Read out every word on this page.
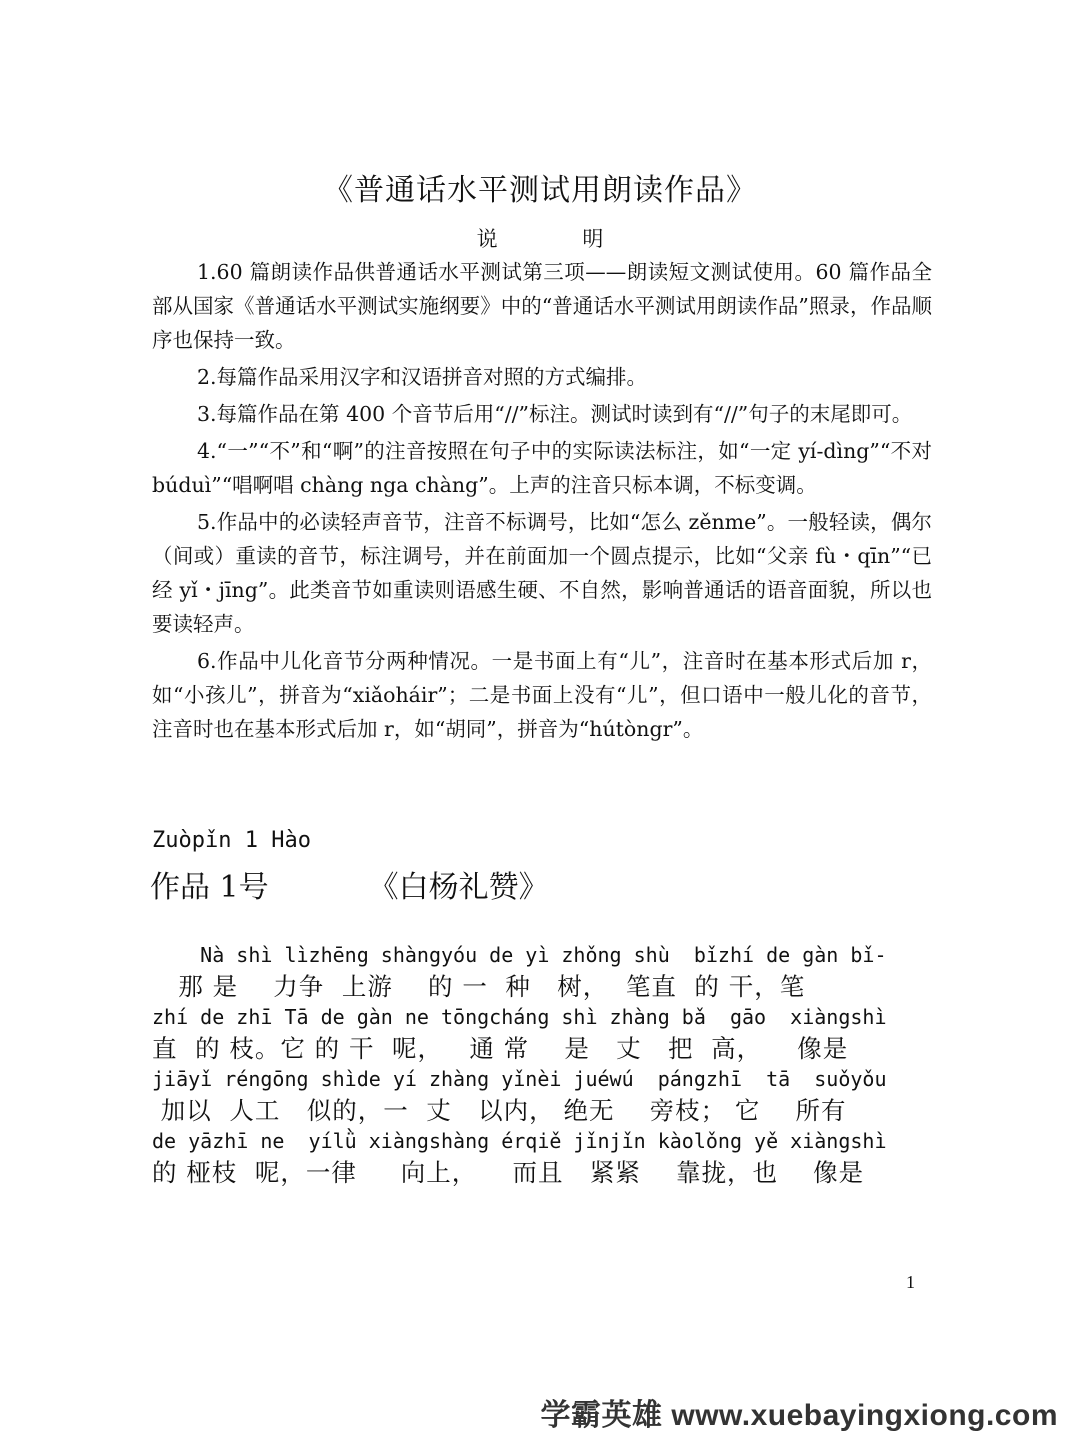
《普通话水平测试用朗读作品》
说 明

1.60 篇朗读作品供普通话水平测试第三项——朗读短文测试使用。60 篇作品全部从国家《普通话水平测试实施纲要》中的“普通话水平测试用朗读作品”照录，作品顺序也保持一致。

2.每篇作品采用汉字和汉语拼音对照的方式编排。

3.每篇作品在第 400 个音节后用“//”标注。测试时读到有“//”句子的末尾即可。

4.“一”“不”和“啊”的注音按照在句子中的实际读法标注，如“一定 yí-dìng”“不对 búduì”“唱啊唱 chàng nga chàng”。上声的注音只标本调，不标变调。

5.作品中的必读轻声音节，注音不标调号，比如“怎么 zěnme”。一般轻读，偶尔（间或）重读的音节，标注调号，并在前面加一个圆点提示，比如“父亲 fù・qīn”“已经 yǐ・jīng”。此类音节如重读则语感生硬、不自然，影响普通话的语音面貌，所以也要读轻声。

6.作品中儿化音节分两种情况。一是书面上有“儿”，注音时在基本形式后加 r，如“小孩儿”，拼音为“xiǎoháir”；二是书面上没有“儿”，但口语中一般儿化的音节，注音时也在基本形式后加 r，如“胡同”，拼音为“hútòngr”。

Zuòpǐn 1 Hào
作品 1号	《白杨礼赞》
Nà shì lìzhēng shàngyóu de yì zhǒng shù  bǐzhí de gàn bǐ-
那 是    力争  上游    的 一  种   树，  笔直  的 干，笔
zhí de zhī Tā de gàn ne tōngcháng shì zhàng bǎ  gāo  xiàngshì
直  的 枝。它 的 干  呢，   通 常    是   丈   把  高，    像是
jiāyǐ réngōng shìde yí zhàng yǐnèi juéwú  pángzhī  tā  suǒyǒu
加以  人工   似的，一  丈   以内， 绝无    旁枝； 它    所有
de yāzhī ne  yílǜ xiàngshàng érqiě jǐnjǐn kàolǒng yě xiàngshì
的 桠枝  呢，一律     向上，    而且   紧紧    靠拢，也    像是
1
学霸英雄 www.xuebayingxiong.com
